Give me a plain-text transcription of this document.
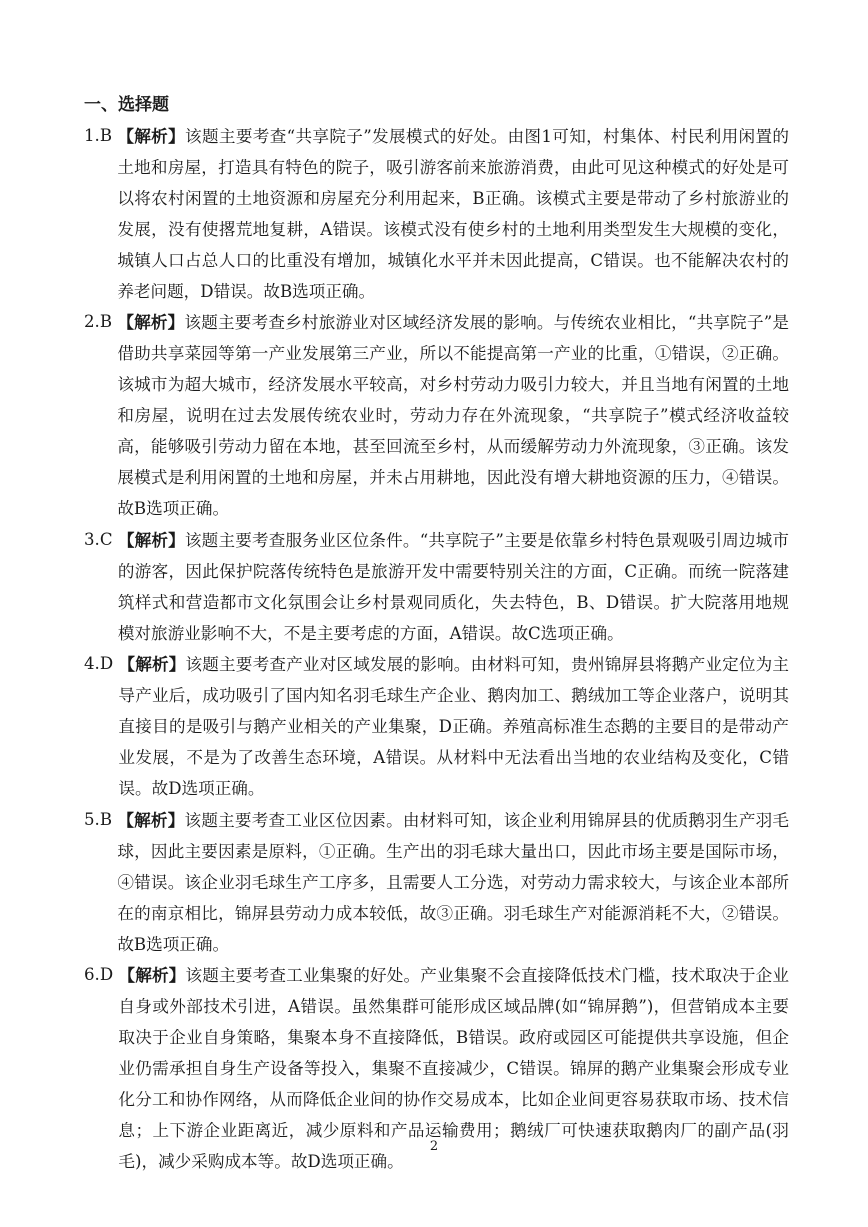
一、选择题
1.B 【解析】该题主要考查“共享院子”发展模式的好处。由图1可知，村集体、村民利用闲置的土地和房屋，打造具有特色的院子，吸引游客前来旅游消费，由此可见这种模式的好处是可以将农村闲置的土地资源和房屋充分利用起来，B正确。该模式主要是带动了乡村旅游业的发展，没有使撂荒地复耕，A错误。该模式没有使乡村的土地利用类型发生大规模的变化，城镇人口占总人口的比重没有增加，城镇化水平并未因此提高，C错误。也不能解决农村的养老问题，D错误。故B选项正确。
2.B 【解析】该题主要考查乡村旅游业对区域经济发展的影响。与传统农业相比，“共享院子”是借助共享菜园等第一产业发展第三产业，所以不能提高第一产业的比重，①错误，②正确。该城市为超大城市，经济发展水平较高，对乡村劳动力吸引力较大，并且当地有闲置的土地和房屋，说明在过去发展传统农业时，劳动力存在外流现象，“共享院子”模式经济收益较高，能够吸引劳动力留在本地，甚至回流至乡村，从而缓解劳动力外流现象，③正确。该发展模式是利用闲置的土地和房屋，并未占用耕地，因此没有增大耕地资源的压力，④错误。故B选项正确。
3.C 【解析】该题主要考查服务业区位条件。“共享院子”主要是依靠乡村特色景观吸引周边城市的游客，因此保护院落传统特色是旅游开发中需要特别关注的方面，C正确。而统一院落建筑样式和营造都市文化氛围会让乡村景观同质化，失去特色，B、D错误。扩大院落用地规模对旅游业影响不大，不是主要考虑的方面，A错误。故C选项正确。
4.D 【解析】该题主要考查产业对区域发展的影响。由材料可知，贵州锦屏县将鹅产业定位为主导产业后，成功吸引了国内知名羽毛球生产企业、鹅肉加工、鹅绒加工等企业落户，说明其直接目的是吸引与鹅产业相关的产业集聚，D正确。养殖高标准生态鹅的主要目的是带动产业发展，不是为了改善生态环境，A错误。从材料中无法看出当地的农业结构及变化，C错误。故D选项正确。
5.B 【解析】该题主要考查工业区位因素。由材料可知，该企业利用锦屏县的优质鹅羽生产羽毛球，因此主要因素是原料，①正确。生产出的羽毛球大量出口，因此市场主要是国际市场，④错误。该企业羽毛球生产工序多，且需要人工分选，对劳动力需求较大，与该企业本部所在的南京相比，锦屏县劳动力成本较低，故③正确。羽毛球生产对能源消耗不大，②错误。故B选项正确。
6.D 【解析】该题主要考查工业集聚的好处。产业集聚不会直接降低技术门槛，技术取决于企业自身或外部技术引进，A错误。虽然集群可能形成区域品牌(如“锦屏鹅”)，但营销成本主要取决于企业自身策略，集聚本身不直接降低，B错误。政府或园区可能提供共享设施，但企业仍需承担自身生产设备等投入，集聚不直接减少，C错误。锦屏的鹅产业集聚会形成专业化分工和协作网络，从而降低企业间的协作交易成本，比如企业间更容易获取市场、技术信息；上下游企业距离近，减少原料和产品运输费用；鹅绒厂可快速获取鹅肉厂的副产品(羽毛)，减少采购成本等。故D选项正确。
2
